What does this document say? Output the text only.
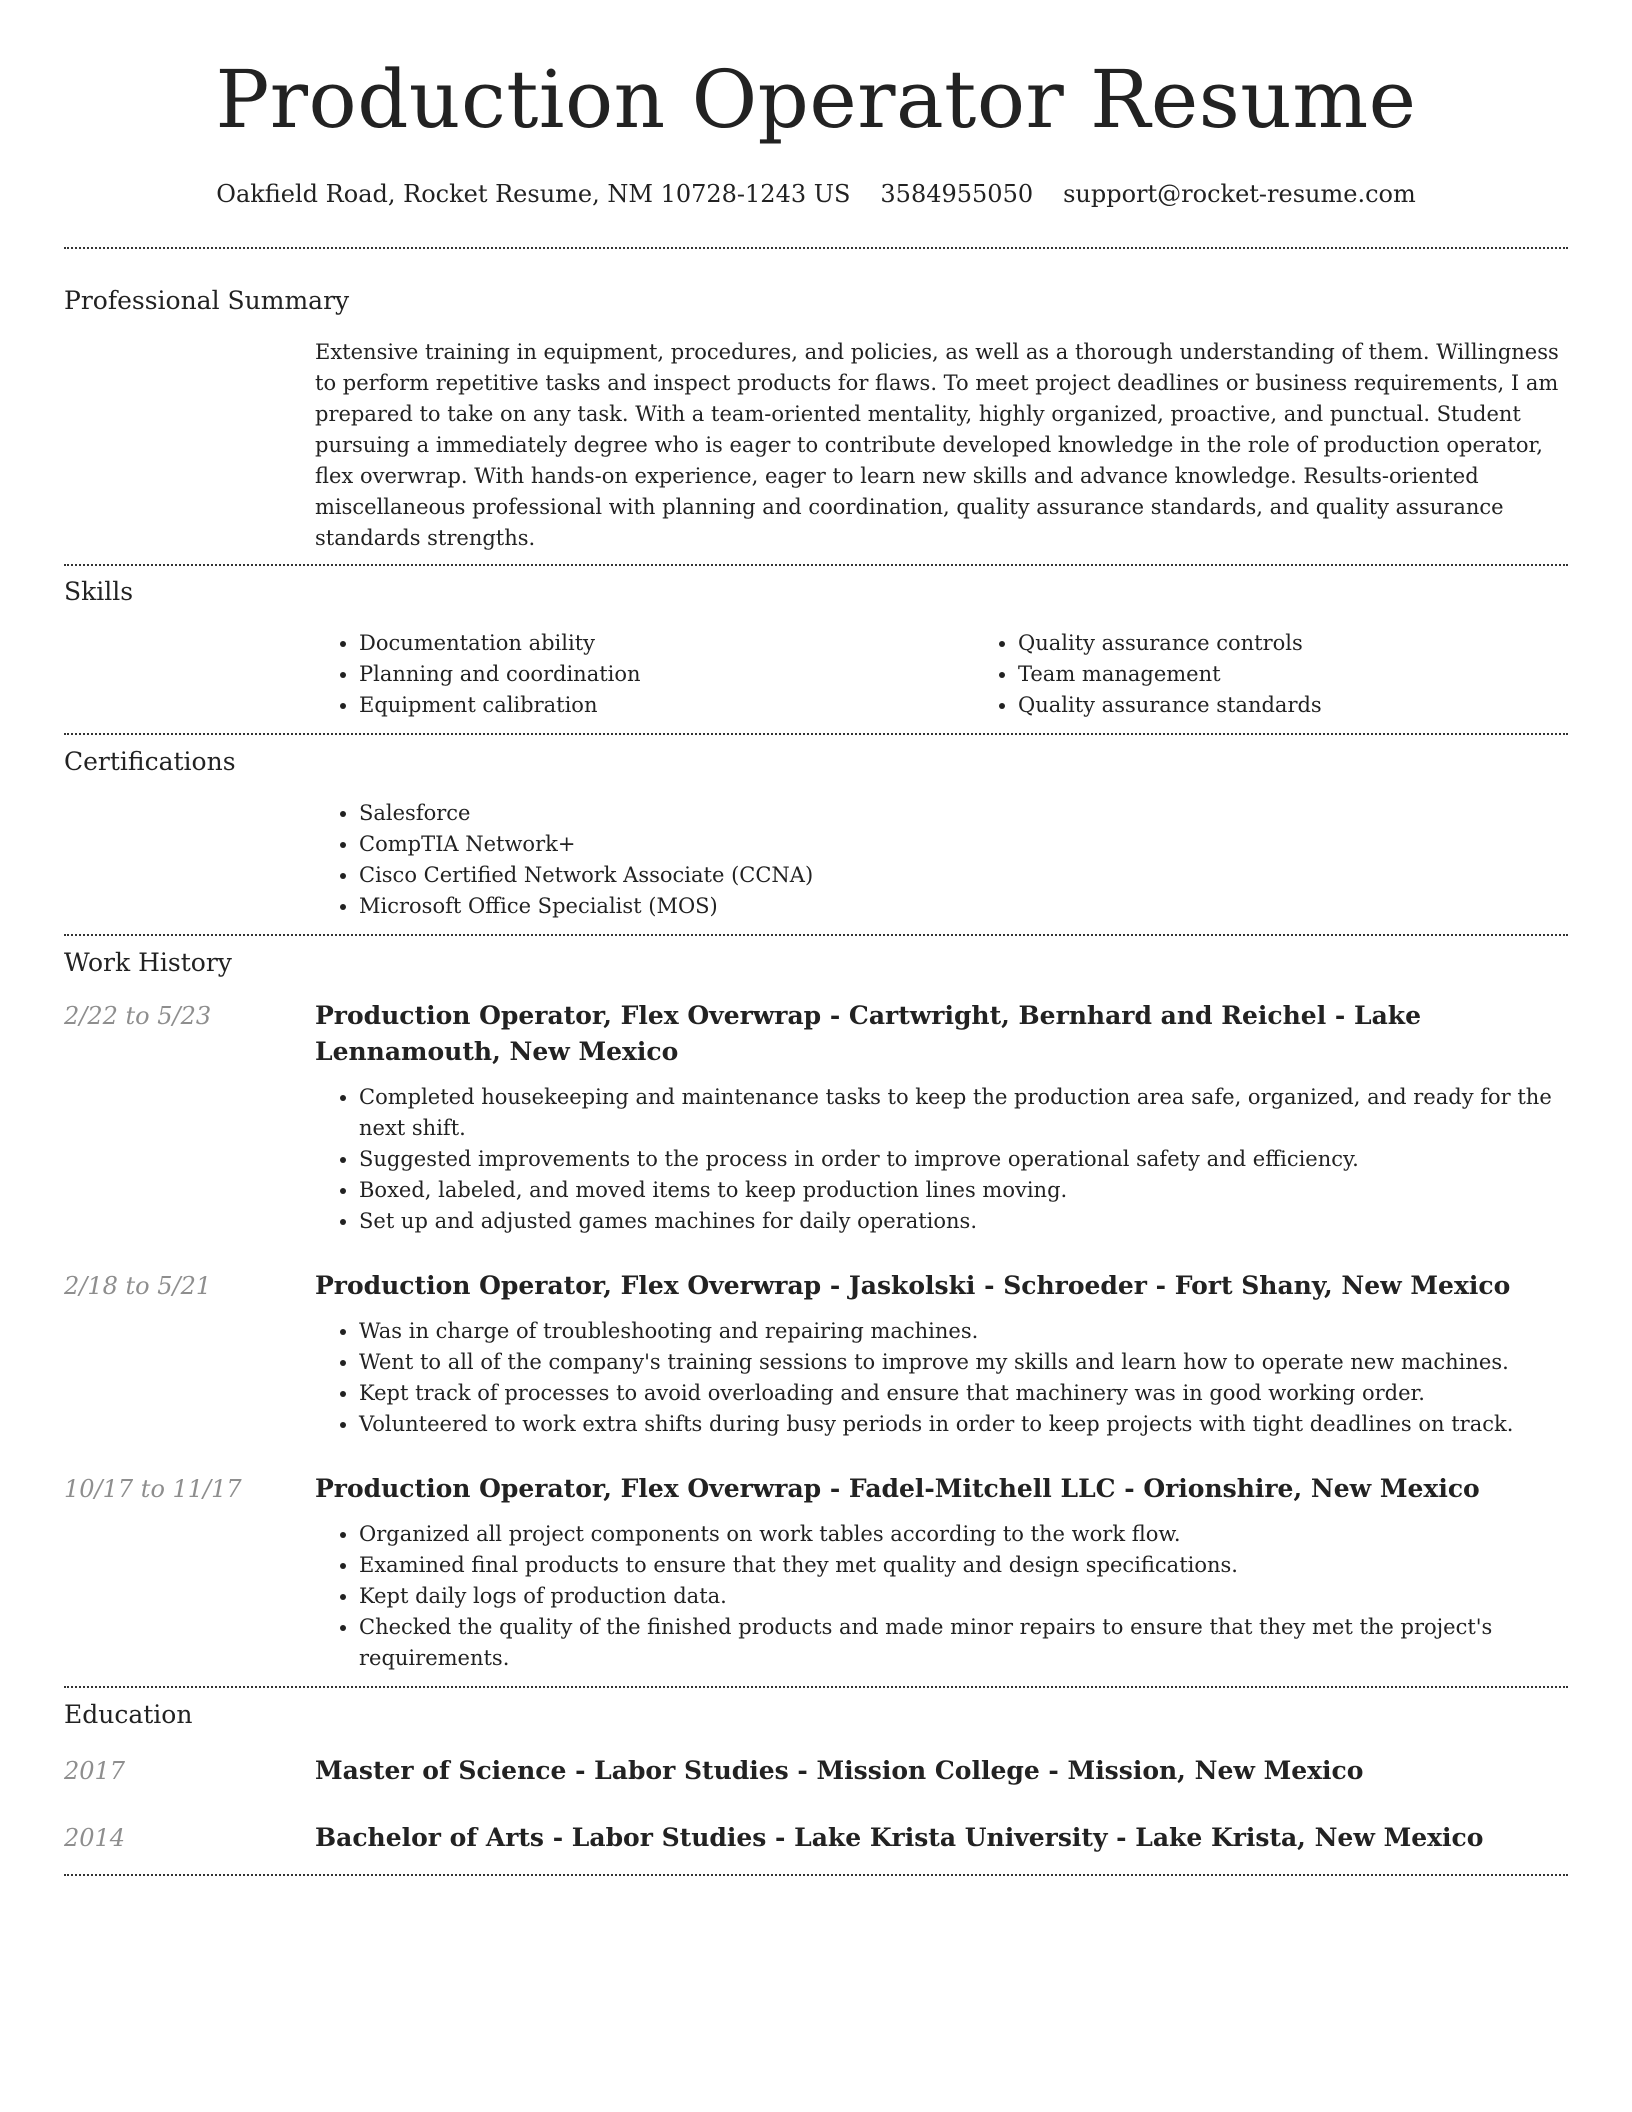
Production Operator Resume
Oakfield Road, Rocket Resume, NM 10728-1243 US 3584955050 support@rocket-resume.com
Professional Summary

Extensive training in equipment, procedures, and policies, as well as a thorough understanding of them. Willingness to perform repetitive tasks and inspect products for flaws. To meet project deadlines or business requirements, I am prepared to take on any task. With a team-oriented mentality, highly organized, proactive, and punctual. Student pursuing a immediately degree who is eager to contribute developed knowledge in the role of production operator, flex overwrap. With hands-on experience, eager to learn new skills and advance knowledge. Results-oriented miscellaneous professional with planning and coordination, quality assurance standards, and quality assurance standards strengths.

Skills
• Documentation ability
• Planning and coordination
• Equipment calibration
• Quality assurance controls
• Team management
• Quality assurance standards
Certifications
• Salesforce
• CompTIA Network+
• Cisco Certified Network Associate (CCNA)
• Microsoft Office Specialist (MOS)
Work History
2/22 to 5/23	Production Operator, Flex Overwrap - Cartwright, Bernhard and Reichel - Lake Lennamouth, New Mexico
• Completed housekeeping and maintenance tasks to keep the production area safe, organized, and ready for the next shift.
• Suggested improvements to the process in order to improve operational safety and efficiency.
• Boxed, labeled, and moved items to keep production lines moving.
• Set up and adjusted games machines for daily operations.
2/18 to 5/21	Production Operator, Flex Overwrap - Jaskolski - Schroeder - Fort Shany, New Mexico
• Was in charge of troubleshooting and repairing machines.
• Went to all of the company's training sessions to improve my skills and learn how to operate new machines.
• Kept track of processes to avoid overloading and ensure that machinery was in good working order.
• Volunteered to work extra shifts during busy periods in order to keep projects with tight deadlines on track.
10/17 to 11/17	Production Operator, Flex Overwrap - Fadel-Mitchell LLC - Orionshire, New Mexico
• Organized all project components on work tables according to the work flow.
• Examined final products to ensure that they met quality and design specifications.
• Kept daily logs of production data.
• Checked the quality of the finished products and made minor repairs to ensure that they met the project's requirements.
Education
2017	Master of Science - Labor Studies - Mission College - Mission, New Mexico
2014	Bachelor of Arts - Labor Studies - Lake Krista University - Lake Krista, New Mexico
